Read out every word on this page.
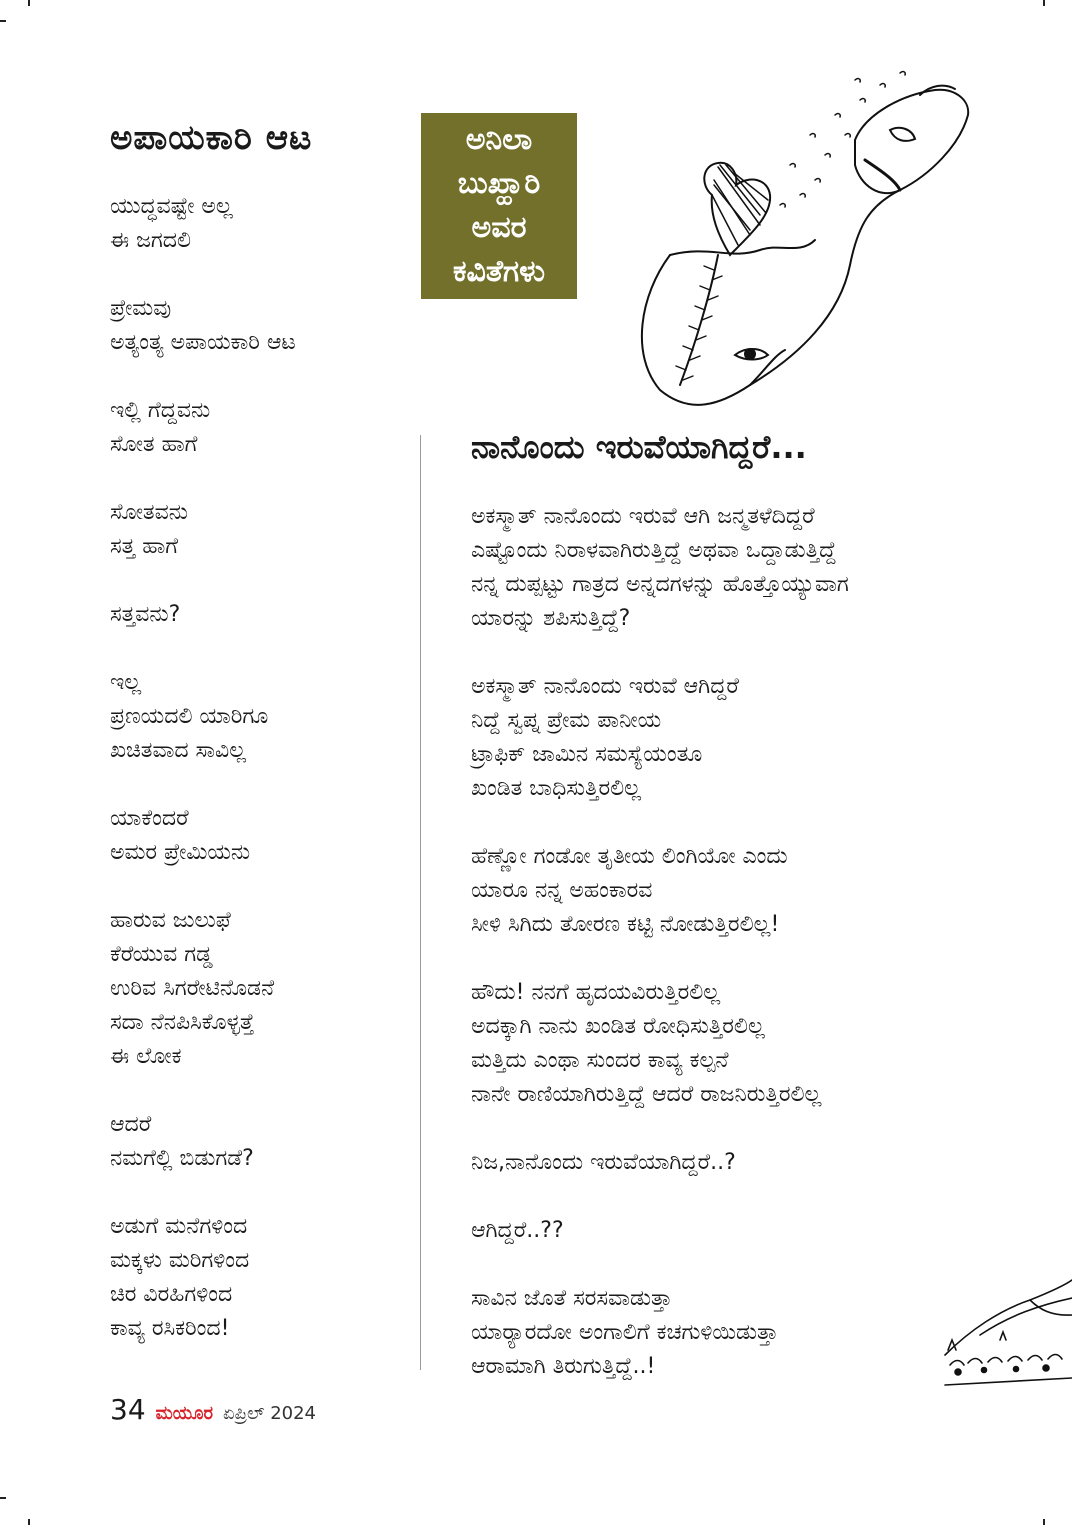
ಅಪಾಯಕಾರಿ ಆಟ
ಯುದ್ಧವಷ್ಟೇ ಅಲ್ಲ
ಈ ಜಗದಲಿ
ಪ್ರೇಮವು
ಅತ್ಯಂತ್ಯ ಅಪಾಯಕಾರಿ ಆಟ
ಇಲ್ಲಿ ಗೆದ್ದವನು
ಸೋತ ಹಾಗೆ
ಸೋತವನು
ಸತ್ತ ಹಾಗೆ
ಸತ್ತವನು?
ಇಲ್ಲ
ಪ್ರಣಯದಲಿ ಯಾರಿಗೂ
ಖಚಿತವಾದ ಸಾವಿಲ್ಲ
ಯಾಕೆಂದರೆ
ಅಮರ ಪ್ರೇಮಿಯನು
ಹಾರುವ ಜುಲುಫೆ
ಕೆರೆಯುವ ಗಡ್ಡ
ಉರಿವ ಸಿಗರೇಟಿನೊಡನೆ
ಸದಾ ನೆನಪಿಸಿಕೊಳ್ಳತ್ತೆ
ಈ ಲೋಕ
ಆದರೆ
ನಮಗೆಲ್ಲಿ ಬಿಡುಗಡೆ?
ಅಡುಗೆ ಮನೆಗಳಿಂದ
ಮಕ್ಕಳು ಮರಿಗಳಿಂದ
ಚಿರ ವಿರಹಿಗಳಿಂದ
ಕಾವ್ಯ ರಸಿಕರಿಂದ!
ಅನಿಲಾ
ಬುಖ್ಹಾರಿ
ಅವರ
ಕವಿತೆಗಳು
ನಾನೊಂದು ಇರುವೆಯಾಗಿದ್ದರೆ...
ಅಕಸ್ಮಾತ್ ನಾನೊಂದು ಇರುವೆ ಆಗಿ ಜನ್ಮತಳೆದಿದ್ದರೆ
ಎಷ್ಟೊಂದು ನಿರಾಳವಾಗಿರುತ್ತಿದ್ದೆ ಅಥವಾ ಒದ್ದಾಡುತ್ತಿದ್ದೆ
ನನ್ನ ದುಪ್ಪಟ್ಟು ಗಾತ್ರದ ಅನ್ನದಗಳನ್ನು ಹೊತ್ತೊಯ್ಯುವಾಗ
ಯಾರನ್ನು ಶಪಿಸುತ್ತಿದ್ದೆ?
ಅಕಸ್ಮಾತ್ ನಾನೊಂದು ಇರುವೆ ಆಗಿದ್ದರೆ
ನಿದ್ದೆ ಸ್ವಪ್ನ ಪ್ರೇಮ ಪಾನೀಯ
ಟ್ರಾಫಿಕ್ ಜಾಮಿನ ಸಮಸ್ಯೆಯಂತೂ
ಖಂಡಿತ ಬಾಧಿಸುತ್ತಿರಲಿಲ್ಲ
ಹೆಣ್ಣೋ ಗಂಡೋ ತೃತೀಯ ಲಿಂಗಿಯೋ ಎಂದು
ಯಾರೂ ನನ್ನ ಅಹಂಕಾರವ
ಸೀಳಿ ಸಿಗಿದು ತೋರಣ ಕಟ್ಟಿ ನೋಡುತ್ತಿರಲಿಲ್ಲ!
ಹೌದು! ನನಗೆ ಹೃದಯವಿರುತ್ತಿರಲಿಲ್ಲ
ಅದಕ್ಕಾಗಿ ನಾನು ಖಂಡಿತ ರೋಧಿಸುತ್ತಿರಲಿಲ್ಲ
ಮತ್ತಿದು ಎಂಥಾ ಸುಂದರ ಕಾವ್ಯ ಕಲ್ಪನೆ
ನಾನೇ ರಾಣಿಯಾಗಿರುತ್ತಿದ್ದೆ ಆದರೆ ರಾಜನಿರುತ್ತಿರಲಿಲ್ಲ
ನಿಜ,ನಾನೊಂದು ಇರುವೆಯಾಗಿದ್ದರೆ..?
ಆಗಿದ್ದರೆ..??
ಸಾವಿನ ಜೊತೆ ಸರಸವಾಡುತ್ತಾ
ಯಾರ್‍ಯಾರದೋ ಅಂಗಾಲಿಗೆ ಕಚಗುಳಿಯಿಡುತ್ತಾ
ಆರಾಮಾಗಿ ತಿರುಗುತ್ತಿದ್ದೆ..!
34 ಮಯೂರ ಏಪ್ರಿಲ್ 2024
